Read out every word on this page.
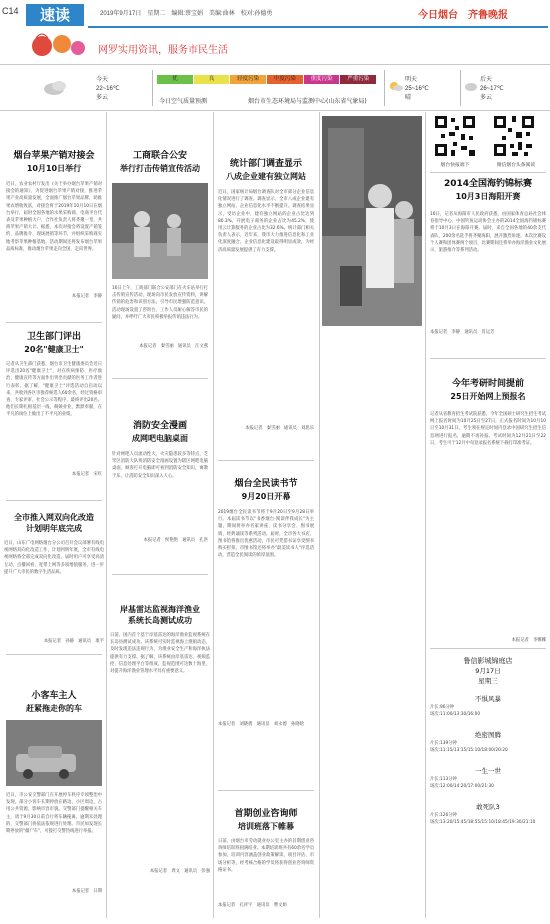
C14	速读	2019年9月17日　星期二　编辑:蔡宝娟　美编:曲林　校对:孙德勇	今日烟台　齐鲁晚报
网罗实用资讯，服务市民生活
今天
22~16℃
多云
优	良	轻度污染	中度污染	重度污染	严重污染
今日空气质量预测	烟台市生态环境局与监测中心(山东省气象局)
明天
25~16℃
晴
后天
26~17℃
多云
烟台苹果产销对接会
10月10日举行
近日，农业农村厅发出《关于举办烟台苹果产销对接会的通知》，为促进烟台苹果产销对接，推进苹果产业高质量发展，全面推广烟台苹果品牌，助推果农增收致富，对接会将于2019年10月10日在烟台举行，届时全国各地的水果采购商、电商平台代表及苹果种植大户、合作社负责人将齐聚一堂，共商苹果产销大计。据悉，本次对接会将设置产销签约、品牌推介、现场展销等环节，并组织采购商实地考察苹果种植基地。活动期间还将发布烟台苹果品质标准，推动烟台苹果走向全国、走向世界。
本报记者　李静
卫生部门评出
20名"健康卫士"
记者从卫生部门获悉，烟台市卫生健康委员会近日评选出20名"健康卫士"，对在疾病预防、医疗救治、健康宣传等方面作出突出贡献的医务工作者进行表彰。据了解，"健康卫士"评选活动自启动以来，共收到各区市推荐候选人60余名，经过资格审查、专家评审、社会公示等程序，最终评出20名。他们长期扎根基层一线，兢兢业业，默默奉献，在平凡的岗位上做出了不平凡的业绩。
本报记者　宋红
全市推入网双向化改造
计划明年底完成
近日，山东广电网络烟台分公司召开会议部署有线电视网络双向化改造工作，计划到明年底，全市有线电视网络将全部完成双向化改造，届时用户可享受高清互动、点播回看、宽带上网等多项增值服务，进一步提升广大市民的数字生活品质。
本报记者　孙静　通讯员　康平
小客车主人
赶紧拖走你的车
近日，市公安交警部门在开展停车秩序专项整治中发现，部分小客车长期停放在路边、小区周边，占用公共资源，影响市容市貌。交警部门提醒相关车主，请于9月30日前自行将车辆拖离，逾期未处理的，交警部门将依法依规进行处理。市民如发现长期停放的"僵尸车"，可拨打交警热线进行举报。
本报记者　日期
工商联合公安
举行打击传销宣传活动
16日上午，工商部门联合公安部门在火车站举行打击传销宣传活动，现场向市民发放宣传资料，讲解传销的危害和识别方法，引导市民增强防范意识。活动现场设置了咨询台，工作人员耐心解答市民的疑问，并呼吁广大市民积极举报传销违法行为。
本报记者　秦雪丽　通讯员　汪文燕
消防安全漫画
成网吧电脑桌面
针对网吧人员流动性大、火灾隐患较多等特点，芝罘区消防大队将消防安全漫画设置为辖区网吧电脑桌面，顾客打开电脑即可看到消防安全知识，寓教于乐，让消防安全知识深入人心。
本报记者　侯艳艳　通讯员　孔洪
岸基雷达监视海洋渔业
系统长岛测试成功
日前，国内首个基于岸基雷达的海洋渔业监视系统在长岛县测试成功。该系统可实时监视海上渔船动态，及时发现违法违规行为，为渔业安全生产和海洋执法提供有力支撑。据了解，该系统由岸基雷达、视频监控、信息处理平台等组成，监视范围可达数十海里，对提升海洋渔业管理水平具有重要意义。
本报记者　周文　通讯员　彭强
统计部门调查显示
八成企业建有独立网站
近日，国家统计局烟台调查队对全市部分企业信息化情况进行了调查。调查显示，全市八成企业建有独立网站，企业信息化水平不断提升。调查结果显示，受访企业中，建有独立网站的企业占比达到80.3%，开展电子商务的企业占比为45.2%，使用云计算服务的企业占比为32.6%。统计部门相关负责人表示，近年来，我市大力推进信息化和工业化深度融合，企业信息化建设取得明显成效，为经济高质量发展提供了有力支撑。
本报记者　秦雪丽　通讯员　刘思乐
烟台全民读书节
9月20日开幕
2019烟台全民读书节将于9月20日至9月28日举行。本届读书节以"书香烟台·阅读伴我成长"为主题，期间将举办名家讲座、读书分享会、图书展销、经典诵读等系列活动。届时，全市各大书店、图书馆将推出优惠活动，市民可凭借书证享受图书购买折扣。市图书馆还将举办"最美读书人"评选活动，营造全民阅读的浓厚氛围。
本报记者　刘晓倩　通讯员　刘永德　孙晓晗
首期创业咨询师
培训班落下帷幕
日前，由烟台市劳动就业办公室主办的首期创业咨询师培训班圆满结业。本期培训班共有60余名学员参加，培训内容涵盖创业政策解读、项目评估、市场分析等，经考核合格的学员将获得创业咨询师资格证书。
本报记者　孔祥宇　通讯员　曹文娟
烟台快报端下	微信烟台头条阅读
2014全国海钓锦标赛
10月3日海阳开赛
16日，记者从海阳市人民政府获悉，由国家体育总局社会体育指导中心、中国钓鱼运动协会主办的2014全国海钓锦标赛将于10月3日在海阳开赛。届时，来自全国各地的40余支代表队、200余名选手将齐聚海阳，展开激烈角逐。本次比赛设个人赛和团体赛两个项目，比赛期间还将举办海洋渔业文化展示、旅游推介等系列活动。
本报记者　李静　通讯员　肖运芳
今年考研时间提前
25日开始网上预报名
记者从省教育招生考试院获悉，今年全国硕士研究生招生考试网上报名时间为10月25日至27日，正式报名时间为10月10日至10月31日。考生须在规定时间内登录中国研究生招生信息网进行报名，逾期不再补报。考试时间为12月21日至22日，考生可于12月中旬登录报名系统下载打印准考证。
本报记者　李娜娜
鲁信影城锦庭店
9月17日
星期三
不惧风暴
片长:96分钟
场次:11:00/13:30/16:00
绝密图腾
片长:139分钟
场次:11:15/13:15/15:10/18:00/20:20
一生一世
片长:113分钟
场次:12:00/14:20/17:00/21:30
敢死队3
片长:126分钟
场次:13:20/15:45/18:55/15:10/18:45/19:30/21:10
